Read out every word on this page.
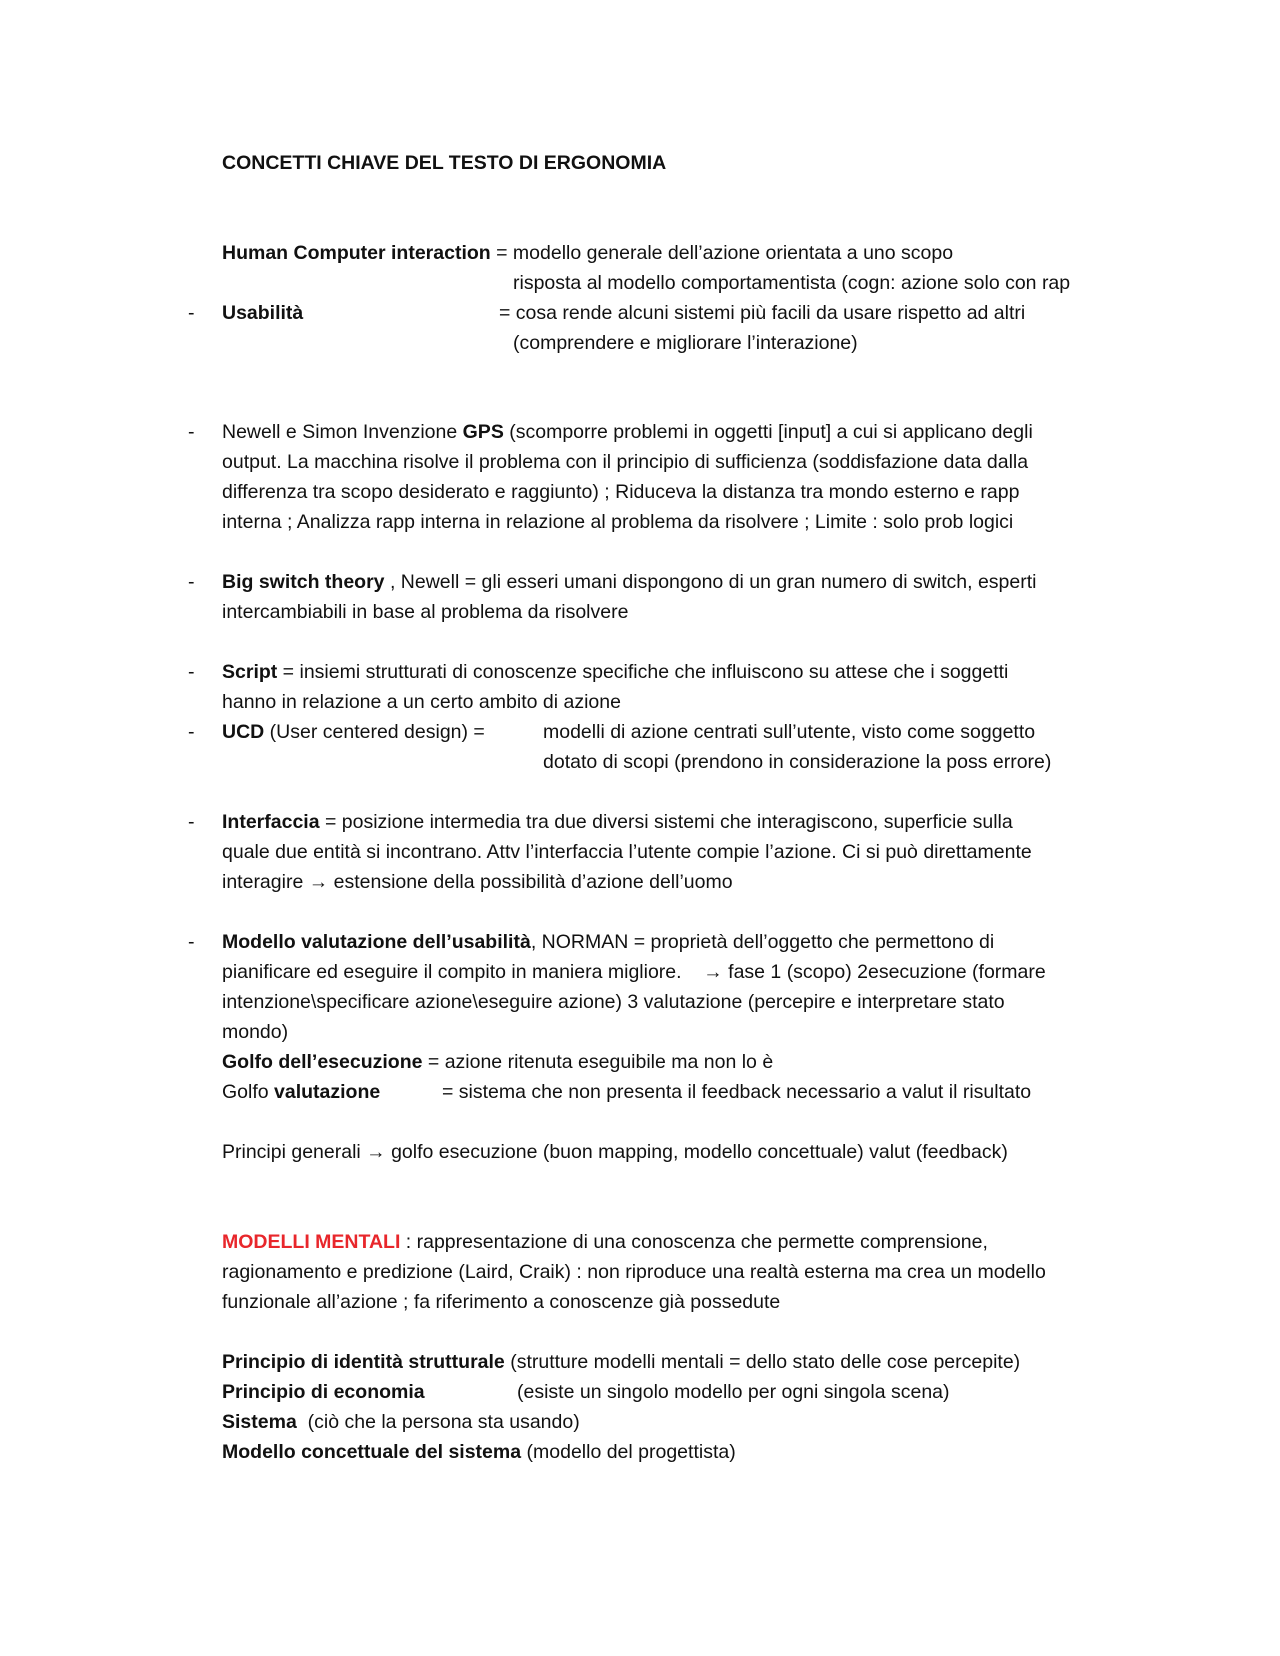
CONCETTI CHIAVE DEL TESTO DI ERGONOMIA
Human Computer interaction = modello generale dell’azione orientata a uno scopo
risposta al modello comportamentista (cogn: azione solo con rap
- Usabilità	= cosa rende alcuni sistemi più facili da usare rispetto ad altri
(comprendere e migliorare l’interazione)
- Newell e Simon Invenzione GPS (scomporre problemi in oggetti [input] a cui si applicano degli
output. La macchina risolve il problema con il principio di sufficienza (soddisfazione data dalla
differenza tra scopo desiderato e raggiunto) ; Riduceva la distanza tra mondo esterno e rapp
interna ; Analizza rapp interna in relazione al problema da risolvere ; Limite : solo prob logici
- Big switch theory , Newell = gli esseri umani dispongono di un gran numero di switch, esperti
intercambiabili in base al problema da risolvere
- Script = insiemi strutturati di conoscenze specifiche che influiscono su attese che i soggetti
hanno in relazione a un certo ambito di azione
- UCD (User centered design) =	modelli di azione centrati sull’utente, visto come soggetto
dotato di scopi (prendono in considerazione la poss errore)
- Interfaccia = posizione intermedia tra due diversi sistemi che interagiscono, superficie sulla
quale due entità si incontrano. Attv l’interfaccia l’utente compie l’azione. Ci si può direttamente
interagire → estensione della possibilità d’azione dell’uomo
- Modello valutazione dell’usabilità, NORMAN = proprietà dell’oggetto che permettono di
pianificare ed eseguire il compito in maniera migliore.    → fase 1 (scopo) 2esecuzione (formare
intenzione\specificare azione\eseguire azione) 3 valutazione (percepire e interpretare stato
mondo)
Golfo dell’esecuzione = azione ritenuta eseguibile ma non lo è
Golfo valutazione	= sistema che non presenta il feedback necessario a valut il risultato
Principi generali → golfo esecuzione (buon mapping, modello concettuale) valut (feedback)
MODELLI MENTALI : rappresentazione di una conoscenza che permette comprensione,
ragionamento e predizione (Laird, Craik) : non riproduce una realtà esterna ma crea un modello
funzionale all’azione ; fa riferimento a conoscenze già possedute
Principio di identità strutturale (strutture modelli mentali = dello stato delle cose percepite)
Principio di economia	(esiste un singolo modello per ogni singola scena)
Sistema  (ciò che la persona sta usando)
Modello concettuale del sistema (modello del progettista)
